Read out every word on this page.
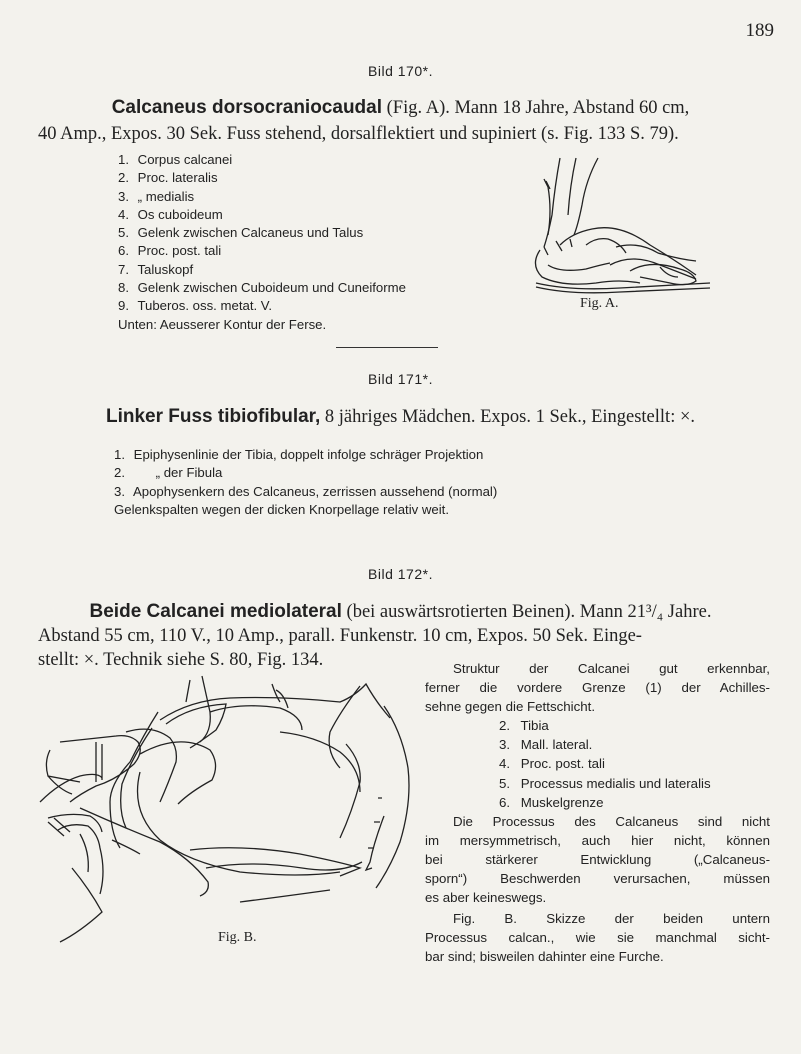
189
Bild 170*.
Calcaneus dorsocraniocaudal (Fig. A). Mann 18 Jahre, Abstand 60 cm,
40 Amp., Expos. 30 Sek. Fuss stehend, dorsalflektiert und supiniert (s. Fig. 133 S. 79).
1. Corpus calcanei
2. Proc. lateralis
3. „ medialis
4. Os cuboideum
5. Gelenk zwischen Calcaneus und Talus
6. Proc. post. tali
7. Taluskopf
8. Gelenk zwischen Cuboideum und Cuneiforme
9. Tuberos. oss. metat. V.
Unten: Aeusserer Kontur der Ferse.
Fig. A.
Bild 171*.
Linker Fuss tibiofibular, 8 jähriges Mädchen. Expos. 1 Sek., Eingestellt: ×.
1. Epiphysenlinie der Tibia, doppelt infolge schräger Projektion
2. „ der Fibula
3. Apophysenkern des Calcaneus, zerrissen aussehend (normal)
Gelenkspalten wegen der dicken Knorpellage relativ weit.
Bild 172*.
Beide Calcanei mediolateral (bei auswärtsrotierten Beinen). Mann 21³/₄ Jahre.
Abstand 55 cm, 110 V., 10 Amp., parall. Funkenstr. 10 cm, Expos. 50 Sek. Einge-
stellt: ×. Technik siehe S. 80, Fig. 134.	Struktur der Calcanei gut erkennbar,
ferner die vordere Grenze (1) der Achilles-
sehne gegen die Fettschicht.
2. Tibia
3. Mall. lateral.
4. Proc. post. tali
5. Processus medialis und lateralis
6. Muskelgrenze
Die Processus des Calcaneus sind nicht
im mersymmetrisch, auch hier nicht, können
bei stärkerer Entwicklung („Calcaneus-
sporn“) Beschwerden verursachen, müssen
es aber keineswegs.
Fig. B. Skizze der beiden untern
Processus calcan., wie sie manchmal sicht-
bar sind; bisweilen dahinter eine Furche.
Fig. B.
